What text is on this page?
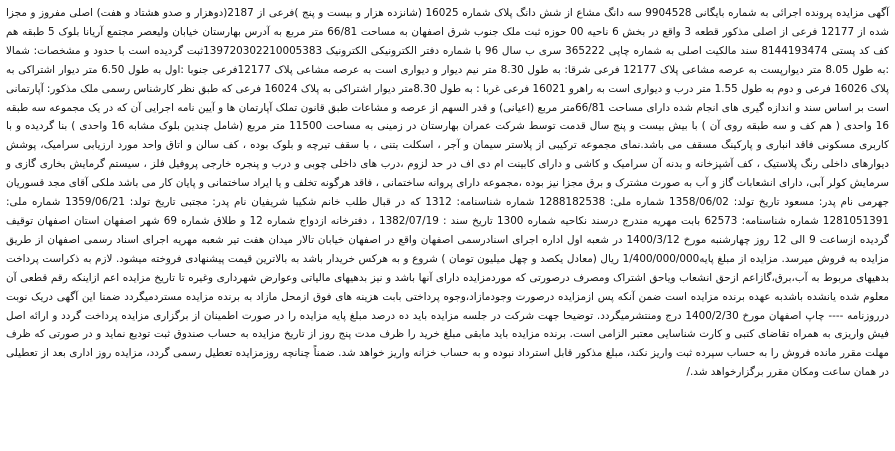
آگهی مزایده پرونده اجرائی به شماره بایگانی 9904528 سه دانگ مشاع از شش دانگ پلاک شماره 16025 (شانزده هزار و بیست و پنج )فرعی از 2187(دوهزار و صدو هشتاد و هفت) اصلی مفروز و مجزا شده از 12177 فرعی از اصلی مذکور قطعه 3 واقع در بخش 6 ناحیه 00 حوزه ثبت ملک جنوب شرق اصفهان به مساحت 66/81 متر مربع به آدرس بهارستان خیابان ولیعصر مجتمع آریانا بلوک 5 طبقه هم کف کد پستی 8144193474 سند مالکیت اصلی به شماره چاپی 365222 سری ب سال 96 با شماره دفتر الکترونیکی الکترونیک 139720302210005383ثبت گردیده است با حدود و مشخصات: شمالا :به طول 8.05 متر دیوارپست به عرصه مشاعی پلاک 12177 فرعی شرقا: به طول 8.30 متر نیم دیوار و دیواری است به عرصه مشاعی پلاک 12177فرعی جنوبا :اول به طول 6.50 متر دیوار اشتراکی به پلاک 16026 فرعی و دوم به طول 1.55 متر درب و دیواری است به راهرو 16021 فرعی غربا : به طول 8.30متر دیوار اشتراکی به پلاک 16024 فرعی که طبق نظر کارشناس رسمی ملک مذکور: آپارتمانی است بر اساس سند و اندازه گیری های انجام شده دارای مساحت 66/81متر مربع (اعیانی) و قدر السهم از عرصه و مشاعات طبق قانون تملک آپارتمان ها و آیین نامه اجرایی آن که در یک مجموعه سه طبقه 16 واحدی ( هم کف و سه طبقه روی آن ) با بیش بیست و پنج سال قدمت توسط شرکت عمران بهارستان در زمینی به مساحت 11500 متر مربع (شامل چندین بلوک مشابه 16 واحدی ) بنا گردیده و با کاربری مسکونی فاقد انباری و پارکینگ مسقف می باشد.نمای مجموعه ترکیبی از پلاستر سیمان و آجر ، اسکلت بتنی ، با سقف تیرچه و بلوک بوده ، کف سالن و اتاق واحد مورد ارزیابی سرامیک، پوشش دیوارهای داخلی رنگ پلاستیک ، کف آشپزخانه و بدنه آن سرامیک و کاشی و دارای کابینت ام دی اف در حد لزوم ،درب های داخلی چوبی و درب و پنجره خارجی پروفیل فلز ، سیستم گرمایش بخاری گازی و سرمایش کولر آبی، دارای انشعابات گاز و آب به صورت مشترک و برق مجزا نیز بوده ،مجموعه دارای پروانه ساختمانی ، فاقد هرگونه تخلف و یا ایراد ساختمانی و پایان کار می باشد ملکی آقای مجد قسوریان جهرمی نام پدر: مسعود تاریخ تولد: 1358/06/02 شماره ملی: 1288182538 شماره شناسنامه: 1312 که در قبال طلب خانم شکیبا شریفیان نام پدر: مجتبی تاریخ تولد: 1359/06/21 شماره ملی: 1281051391 شماره شناسنامه: 62573 بابت مهریه مندرج درسند نکاحیه شماره 1300 تاریخ سند : 1382/07/19 ، دفترخانه ازدواج شماره 12 و طلاق شماره 69 شهر اصفهان استان اصفهان توقیف گردیده ازساعت 9 الی 12 روز چهارشنبه مورخ 1400/3/12 در شعبه اول اداره اجرای اسنادرسمی اصفهان واقع در اصفهان خیابان تالار میدان هفت تیر شعبه مهریه اجرای اسناد رسمی اصفهان از طریق مزایده به فروش میرسد. مزایده از مبلغ پایه1/400/000/000 ریال (معادل یکصد و چهل میلیون تومان ) شروع و به هرکس خریدار باشد به بالاترین قیمت پیشنهادی فروخته میشود. لازم به ذکراست پرداخت بدهیهای مربوط به آب،برق،گازاعم ازحق انشعاب وياحق اشتراک ومصرف درصورتی که موردمزایده دارای آنها باشد و نیز بدهیهای مالیاتی وعوارض شهرداری وغیره تا تاریخ مزایده اعم ازاینکه رقم قطعی آن معلوم شده یانشده باشدبه عهده برنده مزایده است ضمن آنکه پس ازمزایده درصورت وجودمازاد،وجوه پرداختی بابت هزینه های فوق ازمحل مازاد به برنده مزایده مستردمیگردد ضمنا این آگهی دریک نوبت درروزنامه ---- چاپ اصفهان مورخ 1400/2/30 درج ومنتشرمیگردد. توضیحا جهت شرکت در جلسه مزایده باید ده درصد مبلغ پایه مزایده را در صورت اطمینان از برگزاری مزایده پرداخت گردد و ارائه اصل فیش واریزی به همراه تقاضای کتبی و کارت شناسایی معتبر الزامی است. برنده مزایده باید مابقی مبلغ خرید را ظرف مدت پنج روز از تاریخ مزایده به حساب صندوق ثبت تودیع نماید و در صورتی که ظرف مهلت مقرر مانده فروش را به حساب سپرده ثبت واریز نکند، مبلغ مذکور قابل استرداد نبوده و به حساب خزانه واریز خواهد شد. ضمناً چنانچه روزمزایده تعطیل رسمی گردد، مزایده روز اداری بعد از تعطیلی در همان ساعت ومکان مقرر برگزارخواهد شد./
